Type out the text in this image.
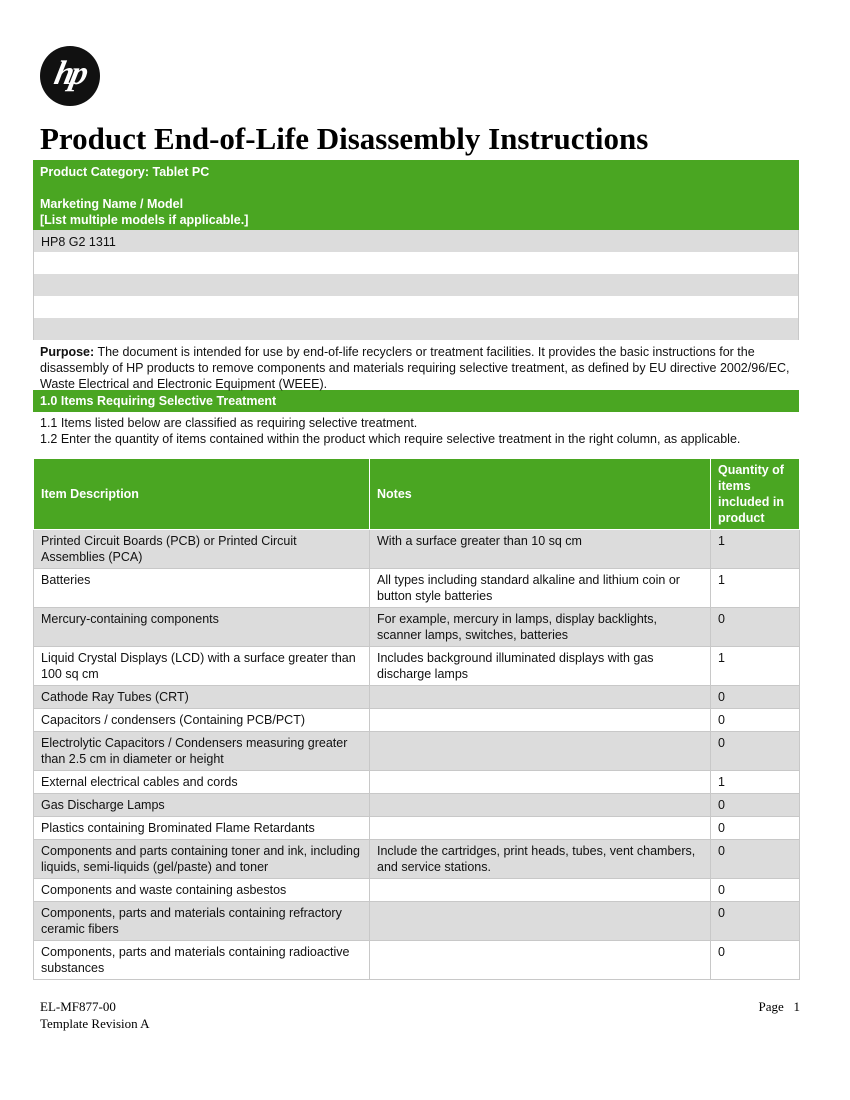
hp
Product End-of-Life Disassembly Instructions
Product Category: Tablet PC
Marketing Name / Model
[List multiple models if applicable.]
HP8 G2 1311
Purpose: The document is intended for use by end-of-life recyclers or treatment facilities. It provides the basic instructions for the disassembly of HP products to remove components and materials requiring selective treatment, as defined by EU directive 2002/96/EC, Waste Electrical and Electronic Equipment (WEEE).
1.0 Items Requiring Selective Treatment
1.1 Items listed below are classified as requiring selective treatment.
1.2 Enter the quantity of items contained within the product which require selective treatment in the right column, as applicable.
Item Description	Notes	Quantity of items included in product
Printed Circuit Boards (PCB) or Printed Circuit Assemblies (PCA)	With a surface greater than 10 sq cm	1
Batteries	All types including standard alkaline and lithium coin or button style batteries	1
Mercury-containing components	For example, mercury in lamps, display backlights, scanner lamps, switches, batteries	0
Liquid Crystal Displays (LCD) with a surface greater than 100 sq cm	Includes background illuminated displays with gas discharge lamps	1
Cathode Ray Tubes (CRT)		0
Capacitors / condensers (Containing PCB/PCT)		0
Electrolytic Capacitors / Condensers measuring greater than 2.5 cm in diameter or height		0
External electrical cables and cords		1
Gas Discharge Lamps		0
Plastics containing Brominated Flame Retardants		0
Components and parts containing toner and ink, including liquids, semi-liquids (gel/paste) and toner	Include the cartridges, print heads, tubes, vent chambers, and service stations.	0
Components and waste containing asbestos		0
Components, parts and materials containing refractory ceramic fibers		0
Components, parts and materials containing radioactive substances		0
EL-MF877-00
Template Revision A
Page 1
